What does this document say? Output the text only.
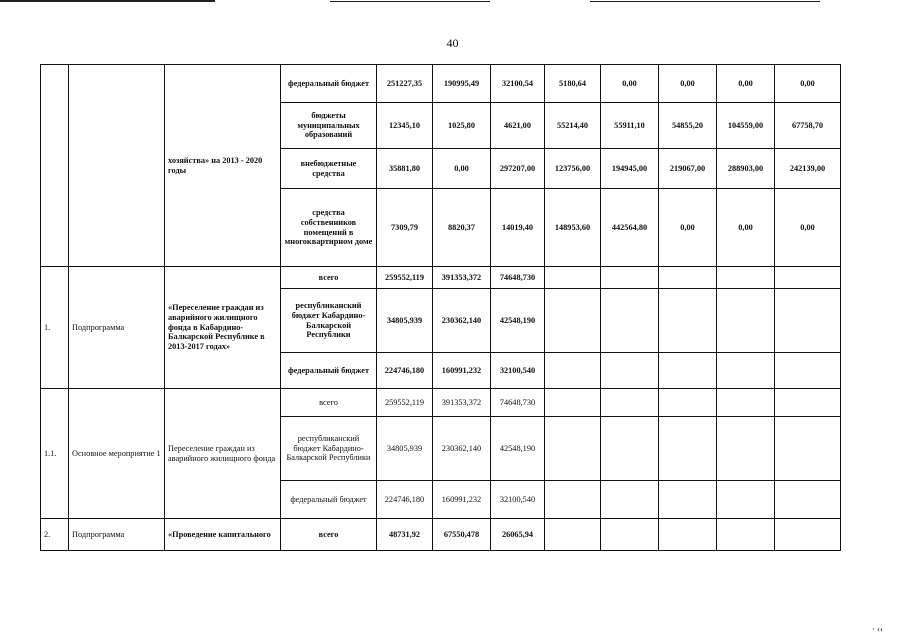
40
		хозяйства» на 2013 - 2020 годы	федеральный бюджет	251227,35	190995,49	32100,54	5180,64	0,00	0,00	0,00	0,00
			бюджеты муниципальных образований	12345,10	1025,80	4621,00	55214,40	55911,10	54855,20	104559,00	67758,70
			внебюджетные средства	35881,80	0,00	297207,00	123756,00	194945,00	219067,00	288903,00	242139,00
			средства собственников помещений в многоквартирном доме	7309,79	8820,37	14019,40	148953,60	442564,80	0,00	0,00	0,00
1.	Подпрограмма	«Переселение граждан из аварийного жилищного фонда в Кабардино-Балкарской Республике в 2013-2017 годах»	всего	259552,119	391353,372	74648,730					
			республиканский бюджет Кабардино-Балкарской Республики	34805,939	230362,140	42548,190					
			федеральный бюджет	224746,180	160991,232	32100,540					
1.1.	Основное мероприятие 1	Переселение граждан из аварийного жилищного фонда	всего	259552,119	391353,372	74648,730					
			республиканский бюджет Кабардино-Балкарской Республики	34805,939	230362,140	42548,190					
			федеральный бюджет	224746,180	160991,232	32100,540					
2.	Подпрограмма	«Проведение капитального	всего	48731,92	67550,478	26065,94					
· ‹‹
